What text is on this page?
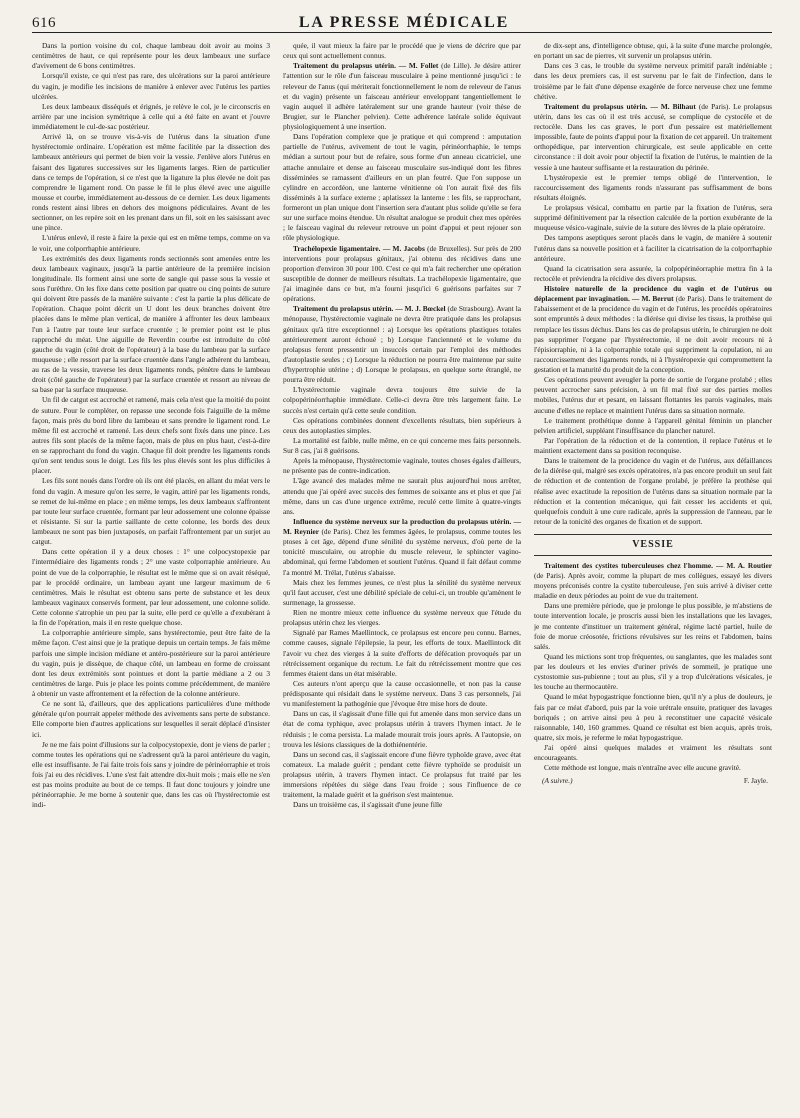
616	LA PRESSE MÉDICALE

Dans la portion voisine du col, chaque lambeau doit avoir au moins 3 centimètres de haut, ce qui représente pour les deux lambeaux une surface d'avivement de 6 bons centimètres.

Lorsqu'il existe, ce qui n'est pas rare, des ulcérations sur la paroi antérieure du vagin, je modifie les incisions de manière à enlever avec l'utérus les parties ulcérées.

Les deux lambeaux disséqués et érignés, je relève le col, je le circonscris en arrière par une incision symétrique à celle qui a été faite en avant et j'ouvre immédiatement le cul-de-sac postérieur.

Arrivé là, on se trouve vis-à-vis de l'utérus dans la situation d'une hystérectomie ordinaire. L'opération est même facilitée par la dissection des lambeaux antérieurs qui permet de bien voir la vessie. J'enlève alors l'utérus en faisant des ligatures successives sur les ligaments larges. Rien de particulier dans ce temps de l'opération, si ce n'est que la ligature la plus élevée ne doit pas comprendre le ligament rond. On passe le fil le plus élevé avec une aiguille mousse et courbe, immédiatement au-dessous de ce dernier. Les deux ligaments ronds restent ainsi libres en dehors des moignons pédiculaires. Avant de les sectionner, on les repère soit en les prenant dans un fil, soit en les saisissant avec une pince.

L'utérus enlevé, il reste à faire la pexie qui est en même temps, comme on va le voir, une colporrhaphie antérieure.

Les extrémités des deux ligaments ronds sectionnés sont amenées entre les deux lambeaux vaginaux, jusqu'à la partie antérieure de la première incision longitudinale. Ils forment ainsi une sorte de sangle qui passe sous la vessie et sous l'urèthre. On les fixe dans cette position par quatre ou cinq points de suture qui doivent être passés de la manière suivante : c'est la partie la plus délicate de l'opération. Chaque point décrit un U dont les deux branches doivent être placées dans le même plan vertical, de manière à affronter les deux lambeaux l'un à l'autre par toute leur surface cruentée ; le premier point est le plus rapproché du méat. Une aiguille de Reverdin courbe est introduite du côté gauche du vagin (côté droit de l'opérateur) à la base du lambeau par la surface muqueuse ; elle ressort par la surface cruentée dans l'angle adhérent du lambeau, au ras de la vessie, traverse les deux ligaments ronds, pénètre dans le lambeau droit (côté gauche de l'opérateur) par la surface cruentée et ressort au niveau de sa base par la surface muqueuse.

Un fil de catgut est accroché et ramené, mais cela n'est que la moitié du point de suture. Pour le compléter, on repasse une seconde fois l'aiguille de la même façon, mais près du bord libre du lambeau et sans prendre le ligament rond. Le même fil est accroché et ramené. Les deux chefs sont fixés dans une pince. Les autres fils sont placés de la même façon, mais de plus en plus haut, c'est-à-dire en se rapprochant du fond du vagin. Chaque fil doit prendre les ligaments ronds qu'on sent tendus sous le doigt. Les fils les plus élevés sont les plus difficiles à placer.

Les fils sont noués dans l'ordre où ils ont été placés, en allant du méat vers le fond du vagin. A mesure qu'on les serre, le vagin, attiré par les ligaments ronds, se remet de lui-même en place ; en même temps, les deux lambeaux s'affrontent par toute leur surface cruentée, formant par leur adossement une colonne épaisse et résistante. Si sur la partie saillante de cette colonne, les bords des deux lambeaux ne sont pas bien juxtaposés, on parfait l'affrontement par un surjet au catgut.

Dans cette opération il y a deux choses : 1° une colpocystopexie par l'intermédiaire des ligaments ronds ; 2° une vaste colporraphie antérieure. Au point de vue de la colporraphie, le résultat est le même que si on avait réséqué, par le procédé ordinaire, un lambeau ayant une largeur maximum de 6 centimètres. Mais le résultat est obtenu sans perte de substance et les deux lambeaux vaginaux conservés forment, par leur adossement, une colonne solide. Cette colonne s'atrophie un peu par la suite, elle perd ce qu'elle a d'exubérant à la fin de l'opération, mais il en reste quelque chose.

La colporraphie antérieure simple, sans hystérectomie, peut être faite de la même façon. C'est ainsi que je la pratique depuis un certain temps. Je fais même parfois une simple incision médiane et antéro-postérieure sur la paroi antérieure du vagin, puis je dissèque, de chaque côté, un lambeau en forme de croissant dont les deux extrémités sont pointues et dont la partie médiane a 2 ou 3 centimètres de large. Puis je place les points comme précédemment, de manière à obtenir un vaste affrontement et la réfection de la colonne antérieure.

Ce ne sont là, d'ailleurs, que des applications particulières d'une méthode générale qu'on pourrait appeler méthode des avivements sans perte de substance. Elle comporte bien d'autres applications sur lesquelles il serait déplacé d'insister ici.

Je ne me fais point d'illusions sur la colpocystopexie, dont je viens de parler ; comme toutes les opérations qui ne s'adressent qu'à la paroi antérieure du vagin, elle est insuffisante. Je l'ai faite trois fois sans y joindre de périnéorraphie et trois fois j'ai eu des récidives. L'une s'est fait attendre dix-huit mois ; mais elle ne s'en est pas moins produite au bout de ce temps. Il faut donc toujours y joindre une périnéorraphie. Je me borne à soutenir que, dans les cas où l'hystérectomie est indi-

quée, il vaut mieux la faire par le procédé que je viens de décrire que par ceux qui sont actuellement connus.

Traitement du prolapsus utérin. — M. Follet (de Lille). Je désire attirer l'attention sur le rôle d'un faisceau musculaire à peine mentionné jusqu'ici : le releveur de l'anus (qui mériterait fonctionnellement le nom de releveur de l'anus et du vagin) présente un faisceau antérieur enveloppant tangentiellement le vagin auquel il adhère latéralement sur une grande hauteur (voir thèse de Brugier, sur le Plancher pelvien). Cette adhérence latérale solide équivaut physiologiquement à une insertion.

Dans l'opération complexe que je pratique et qui comprend : amputation partielle de l'utérus, avivement de tout le vagin, périnéorrhaphie, le temps médian a surtout pour but de refaire, sous forme d'un anneau cicatriciel, une attache annulaire et dense au faisceau musculaire sus-indiqué dont les fibres disséminées se ramassent d'ailleurs en un plan feutré. Que l'on suppose un cylindre en accordéon, une lanterne vénitienne où l'on aurait fixé des fils disséminés à la surface externe ; aplatissez la lanterne : les fils, se rapprochant, formeront un plan unique dont l'insertion sera d'autant plus solide qu'elle se fera sur une surface moins étendue. Un résultat analogue se produit chez mes opérées ; le faisceau vaginal du releveur retrouve un point d'appui et peut rejouer son rôle physiologique.

Trachélopexie ligamentaire. — M. Jacobs (de Bruxelles). Sur près de 200 interventions pour prolapsus génitaux, j'ai obtenu des récidives dans une proportion d'environ 30 pour 100. C'est ce qui m'a fait rechercher une opération susceptible de donner de meilleurs résultats. La trachélopexie ligamentaire, que j'ai imaginée dans ce but, m'a fourni jusqu'ici 6 guérisons parfaites sur 7 opérations.

Traitement du prolapsus utérin. — M. J. Bœckel (de Strasbourg). Avant la ménopause, l'hystérectomie vaginale ne devra être pratiquée dans les prolapsus génitaux qu'à titre exceptionnel : a) Lorsque les opérations plastiques totales antérieurement auront échoué ; b) Lorsque l'ancienneté et le volume du prolapsus feront pressentir un insuccès certain par l'emploi des méthodes d'autoplastie seules ; c) Lorsque la réduction ne pourra être maintenue par suite d'hypertrophie utérine ; d) Lorsque le prolapsus, en quelque sorte étranglé, ne pourra être réduit.

L'hystérectomie vaginale devra toujours être suivie de la colpopérinéorrhaphie immédiate. Celle-ci devra être très largement faite. Le succès n'est certain qu'à cette seule condition.

Ces opérations combinées donnent d'excellents résultats, bien supérieurs à ceux des autoplasties simples.

La mortalité est faible, nulle même, en ce qui concerne mes faits personnels. Sur 8 cas, j'ai 8 guérisons.

Après la ménopause, l'hystérectomie vaginale, toutes choses égales d'ailleurs, ne présente pas de contre-indication.

L'âge avancé des malades même ne saurait plus aujourd'hui nous arrêter, attendu que j'ai opéré avec succès des femmes de soixante ans et plus et que j'ai même, dans un cas d'une urgence extrême, reculé cette limite à quatre-vingts ans.

Influence du système nerveux sur la production du prolapsus utérin. — M. Reynier (de Paris). Chez les femmes âgées, le prolapsus, comme toutes les ptoses à cet âge, dépend d'une sénilité du système nerveux, d'où perte de la tonicité musculaire, ou atrophie du muscle releveur, le sphincter vagino-abdominal, qui ferme l'abdomen et soutient l'utérus. Quand il fait défaut comme l'a montré M. Trélat, l'utérus s'abaisse.

Mais chez les femmes jeunes, ce n'est plus la sénilité du système nerveux qu'il faut accuser, c'est une débilité spéciale de celui-ci, un trouble qu'amènent le surmenage, la grossesse.

Rien ne montre mieux cette influence du système nerveux que l'étude du prolapsus utérin chez les vierges.

Signalé par Rames Maellintock, ce prolapsus est encore peu connu. Barnes, comme causes, signale l'épilepsie, la peur, les efforts de toux. Maellintock dit l'avoir vu chez des vierges à la suite d'efforts de défécation provoqués par un rétrécissement organique du rectum. Le fait du rétrécissement montre que ces femmes étaient dans un état misérable.

Ces auteurs n'ont aperçu que la cause occasionnelle, et non pas la cause prédisposante qui résidait dans le système nerveux. Dans 3 cas personnels, j'ai vu manifestement la pathogénie que j'évoque être mise hors de doute.

Dans un cas, il s'agissait d'une fille qui fut amenée dans mon service dans un état de coma typhique, avec prolapsus utérin à travers l'hymen intact. Je le réduisis ; le coma persista. La malade mourait trois jours après. A l'autopsie, on trouva les lésions classiques de la dothiénentérie.

Dans un second cas, il s'agissait encore d'une fièvre typhoïde grave, avec état comateux. La malade guérit ; pendant cette fièvre typhoïde se produisit un prolapsus utérin, à travers l'hymen intact. Ce prolapsus fut traité par les immersions répétées du siège dans l'eau froide ; sous l'influence de ce traitement, la malade guérit et la guérison s'est maintenue.

Dans un troisième cas, il s'agissait d'une jeune fille

de dix-sept ans, d'intelligence obtuse, qui, à la suite d'une marche prolongée, en portant un sac de pierres, vit survenir un prolapsus utérin.

Dans ces 3 cas, le trouble du système nerveux primitif paraît indéniable ; dans les deux premiers cas, il est survenu par le fait de l'infection, dans le troisième par le fait d'une dépense exagérée de force nerveuse chez une femme chétive.

Traitement du prolapsus utérin. — M. Bilhaut (de Paris). Le prolapsus utérin, dans les cas où il est très accusé, se complique de cystocèle et de rectocèle. Dans les cas graves, le port d'un pessaire est matériellement impossible, faute de points d'appui pour la fixation de cet appareil. Un traitement orthopédique, par intervention chirurgicale, est seule applicable en cette circonstance : il doit avoir pour objectif la fixation de l'utérus, le maintien de la vessie à une hauteur suffisante et la restauration du périnée.

L'hystéropexie est le premier temps obligé de l'intervention, le raccourcissement des ligaments ronds n'assurant pas suffisamment de bons résultats éloignés.

Le prolapsus vésical, combattu en partie par la fixation de l'utérus, sera supprimé définitivement par la résection calculée de la portion exubérante de la muqueuse vésico-vaginale, suivie de la suture des lèvres de la plaie opératoire.

Des tampons aseptiques seront placés dans le vagin, de manière à soutenir l'utérus dans sa nouvelle position et à faciliter la cicatrisation de la colporrhaphie antérieure.

Quand la cicatrisation sera assurée, la colpopérinéorraphie mettra fin à la rectocèle et préviendra la récidive des divers prolapsus.

Histoire naturelle de la procidence du vagin et de l'utérus ou déplacement par invagination. — M. Berrut (de Paris). Dans le traitement de l'abaissement et de la procidence du vagin et de l'utérus, les procédés opératoires sont empruntés à deux méthodes : la diérèse qui divise les tissus, la prothèse qui remplace les tissus déchus. Dans les cas de prolapsus utérin, le chirurgien ne doit pas supprimer l'organe par l'hystérectomie, il ne doit avoir recours ni à l'épisiorraphie, ni à la colporraphie totale qui suppriment la copulation, ni au raccourcissement des ligaments ronds, ni à l'hystéropexie qui compromettent la gestation et la maturité du produit de la conception.

Ces opérations peuvent aveugler la porte de sortie de l'organe prolabé ; elles peuvent accrocher sans précision, à un fil mal fixé sur des parties molles mobiles, l'utérus dur et pesant, en laissant flottantes les parois vaginales, mais aucune d'elles ne replace et maintient l'utérus dans sa situation normale.

Le traitement prothétique donne à l'appareil génital féminin un plancher pelvien artificiel, suppléant l'insuffisance du plancher naturel.

Par l'opération de la réduction et de la contention, il replace l'utérus et le maintient exactement dans sa position reconquise.

Dans le traitement de la procidence du vagin et de l'utérus, aux défaillances de la diérèse qui, malgré ses excès opératoires, n'a pas encore produit un seul fait de réduction et de contention de l'organe prolabé, je préfère la prothèse qui réalise avec exactitude la reposition de l'utérus dans sa situation normale par la réduction et la contention mécanique, qui fait cesser les accidents et qui, quelquefois conduit à une cure radicale, après la suppression de l'anneau, par le retour de la tonicité des organes de fixation et de support.

VESSIE

Traitement des cystites tuberculeuses chez l'homme. — M. A. Routier (de Paris). Après avoir, comme la plupart de mes collègues, essayé les divers moyens préconisés contre la cystite tuberculeuse, j'en suis arrivé à diviser cette maladie en deux périodes au point de vue du traitement.

Dans une première période, que je prolonge le plus possible, je m'abstiens de toute intervention locale, je proscris aussi bien les installations que les lavages, je me contente d'instituer un traitement général, régime lacté partiel, huile de foie de morue créosotée, frictions révulsives sur les reins et l'abdomen, bains salés.

Quand les mictions sont trop fréquentes, ou sanglantes, que les malades sont par les douleurs et les envies d'uriner privés de sommeil, je pratique une cystostomie sus-pubienne ; tout au plus, s'il y a trop d'ulcérations vésicales, je les touche au thermocautère.

Quand le méat hypogastrique fonctionne bien, qu'il n'y a plus de douleurs, je fais par ce méat d'abord, puis par la voie urétrale ensuite, pratiquer des lavages boriqués ; on arrive ainsi peu à peu à reconstituer une capacité vésicale raisonnable, 140, 160 grammes. Quand ce résultat est bien acquis, après trois, quatre, six mois, je referme le méat hypogastrique.

J'ai opéré ainsi quelques malades et vraiment les résultats sont encourageants.

Cette méthode est longue, mais n'entraîne avec elle aucune gravité.

(A suivre.)	F. Jayle.
